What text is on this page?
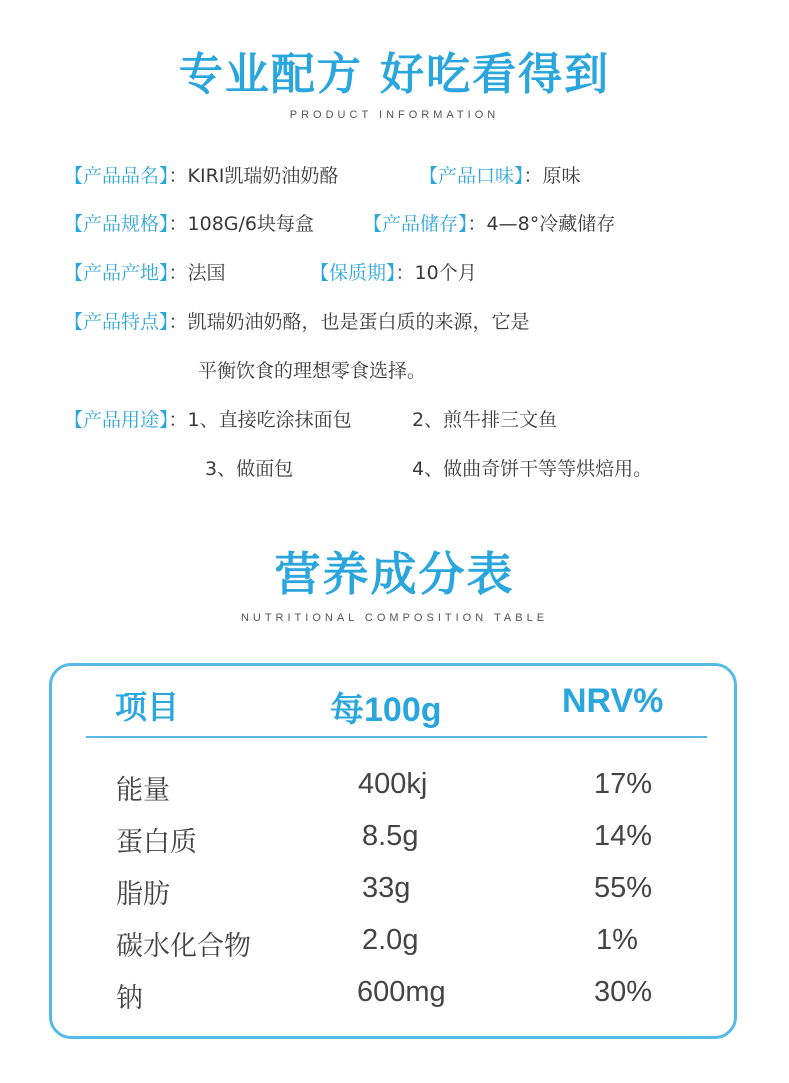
专业配方 好吃看得到
PRODUCT INFORMATION
【产品品名】：KIRI凯瑞奶油奶酪	【产品口味】：原味
【产品规格】：108G/6块每盒	【产品储存】：4—8°冷藏储存
【产品产地】：法国	【保质期】：10个月
【产品特点】：凯瑞奶油奶酪，也是蛋白质的来源，它是
平衡饮食的理想零食选择。
【产品用途】：1、直接吃涂抹面包	2、煎牛排三文鱼
3、做面包	4、做曲奇饼干等等烘焙用。
营养成分表
NUTRITIONAL COMPOSITION TABLE
项目	每100g	NRV%
能量	400kj	17%
蛋白质	8.5g	14%
脂肪	33g	55%
碳水化合物	2.0g	1%
钠	600mg	30%
